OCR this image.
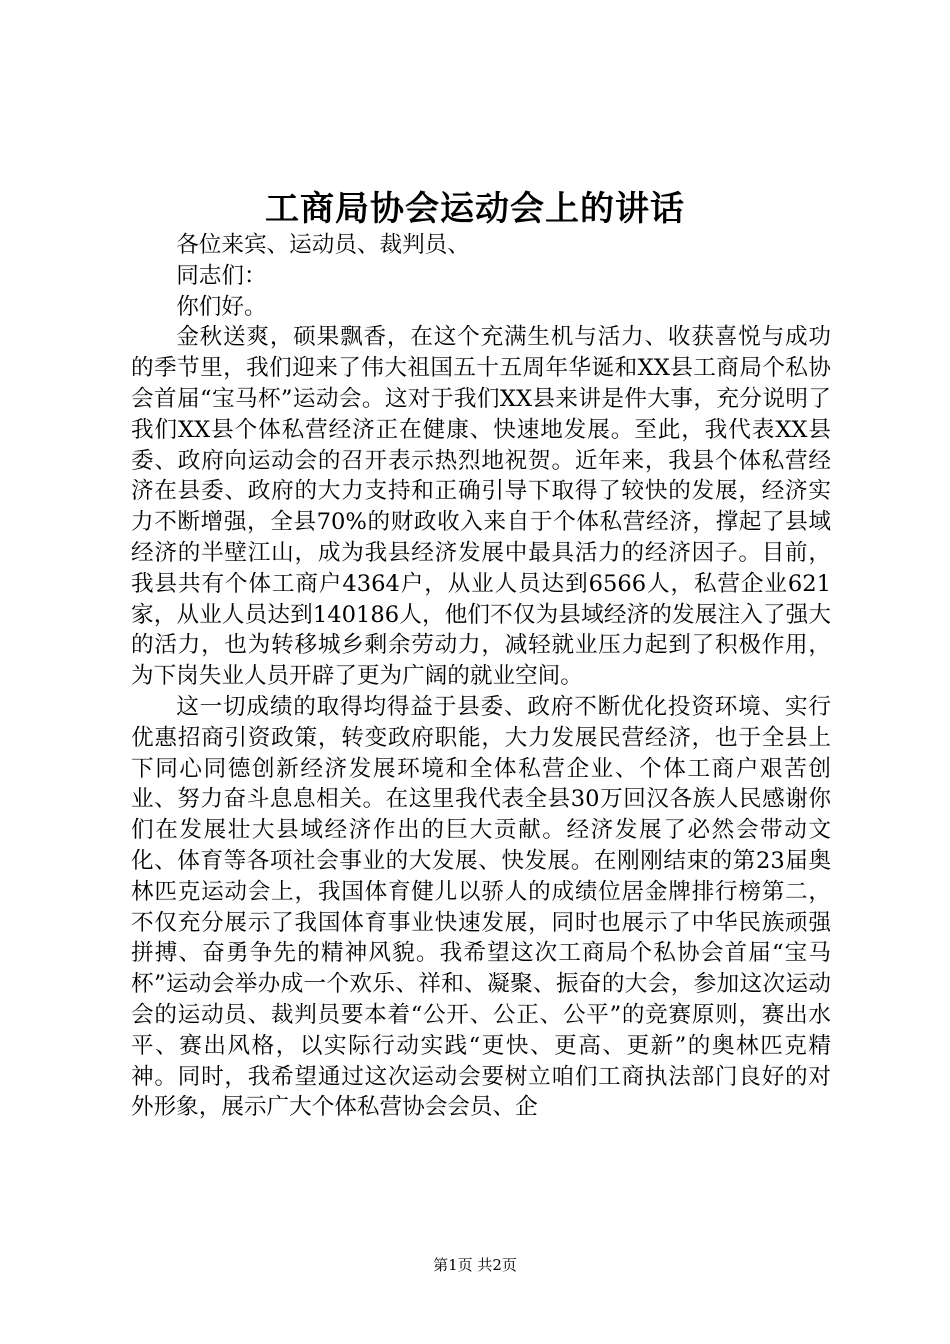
工商局协会运动会上的讲话

各位来宾、运动员、裁判员、

同志们：

你们好。

金秋送爽，硕果飘香，在这个充满生机与活力、收获喜悦与成功的季节里，我们迎来了伟大祖国五十五周年华诞和XX县工商局个私协会首届“宝马杯”运动会。这对于我们XX县来讲是件大事，充分说明了我们XX县个体私营经济正在健康、快速地发展。至此，我代表XX县委、政府向运动会的召开表示热烈地祝贺。近年来，我县个体私营经济在县委、政府的大力支持和正确引导下取得了较快的发展，经济实力不断增强，全县70%的财政收入来自于个体私营经济，撑起了县域经济的半壁江山，成为我县经济发展中最具活力的经济因子。目前，我县共有个体工商户4364户，从业人员达到6566人，私营企业621家，从业人员达到140186人，他们不仅为县域经济的发展注入了强大的活力，也为转移城乡剩余劳动力，减轻就业压力起到了积极作用，为下岗失业人员开辟了更为广阔的就业空间。

这一切成绩的取得均得益于县委、政府不断优化投资环境、实行优惠招商引资政策，转变政府职能，大力发展民营经济，也于全县上下同心同德创新经济发展环境和全体私营企业、个体工商户艰苦创业、努力奋斗息息相关。在这里我代表全县30万回汉各族人民感谢你们在发展壮大县域经济作出的巨大贡献。经济发展了必然会带动文化、体育等各项社会事业的大发展、快发展。在刚刚结束的第23届奥林匹克运动会上，我国体育健儿以骄人的成绩位居金牌排行榜第二，不仅充分展示了我国体育事业快速发展，同时也展示了中华民族顽强拼搏、奋勇争先的精神风貌。我希望这次工商局个私协会首届“宝马杯”运动会举办成一个欢乐、祥和、凝聚、振奋的大会，参加这次运动会的运动员、裁判员要本着“公开、公正、公平”的竞赛原则，赛出水平、赛出风格，以实际行动实践“更快、更高、更新”的奥林匹克精神。同时，我希望通过这次运动会要树立咱们工商执法部门良好的对外形象，展示广大个体私营协会会员、企

第1页 共2页
